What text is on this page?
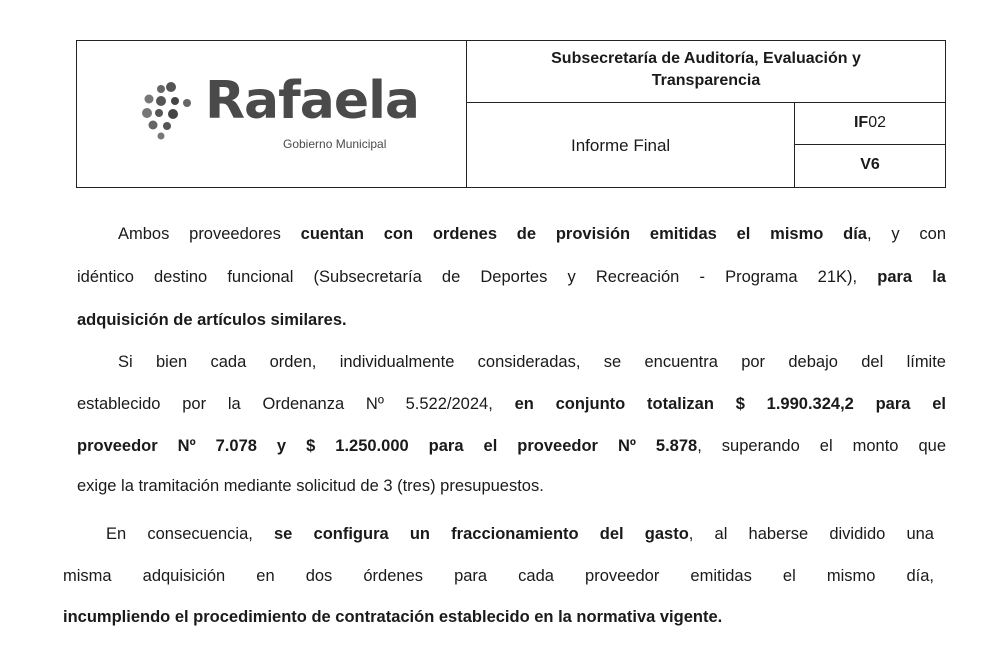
Rafaela
Gobierno Municipal
Subsecretaría de Auditoría, Evaluación y
Transparencia
Informe Final
IF02
V6
Ambos proveedores cuentan con ordenes de provisión emitidas el mismo día, y con
idéntico destino funcional (Subsecretaría de Deportes y Recreación - Programa 21K), para la
adquisición de artículos similares.
Si bien cada orden, individualmente consideradas, se encuentra por debajo del límite
establecido por la Ordenanza Nº 5.522/2024, en conjunto totalizan $ 1.990.324,2 para el
proveedor Nº 7.078 y $ 1.250.000 para el proveedor Nº 5.878, superando el monto que
exige la tramitación mediante solicitud de 3 (tres) presupuestos.
En consecuencia, se configura un fraccionamiento del gasto, al haberse dividido una
misma adquisición en dos órdenes para cada proveedor emitidas el mismo día,
incumpliendo el procedimiento de contratación establecido en la normativa vigente.
